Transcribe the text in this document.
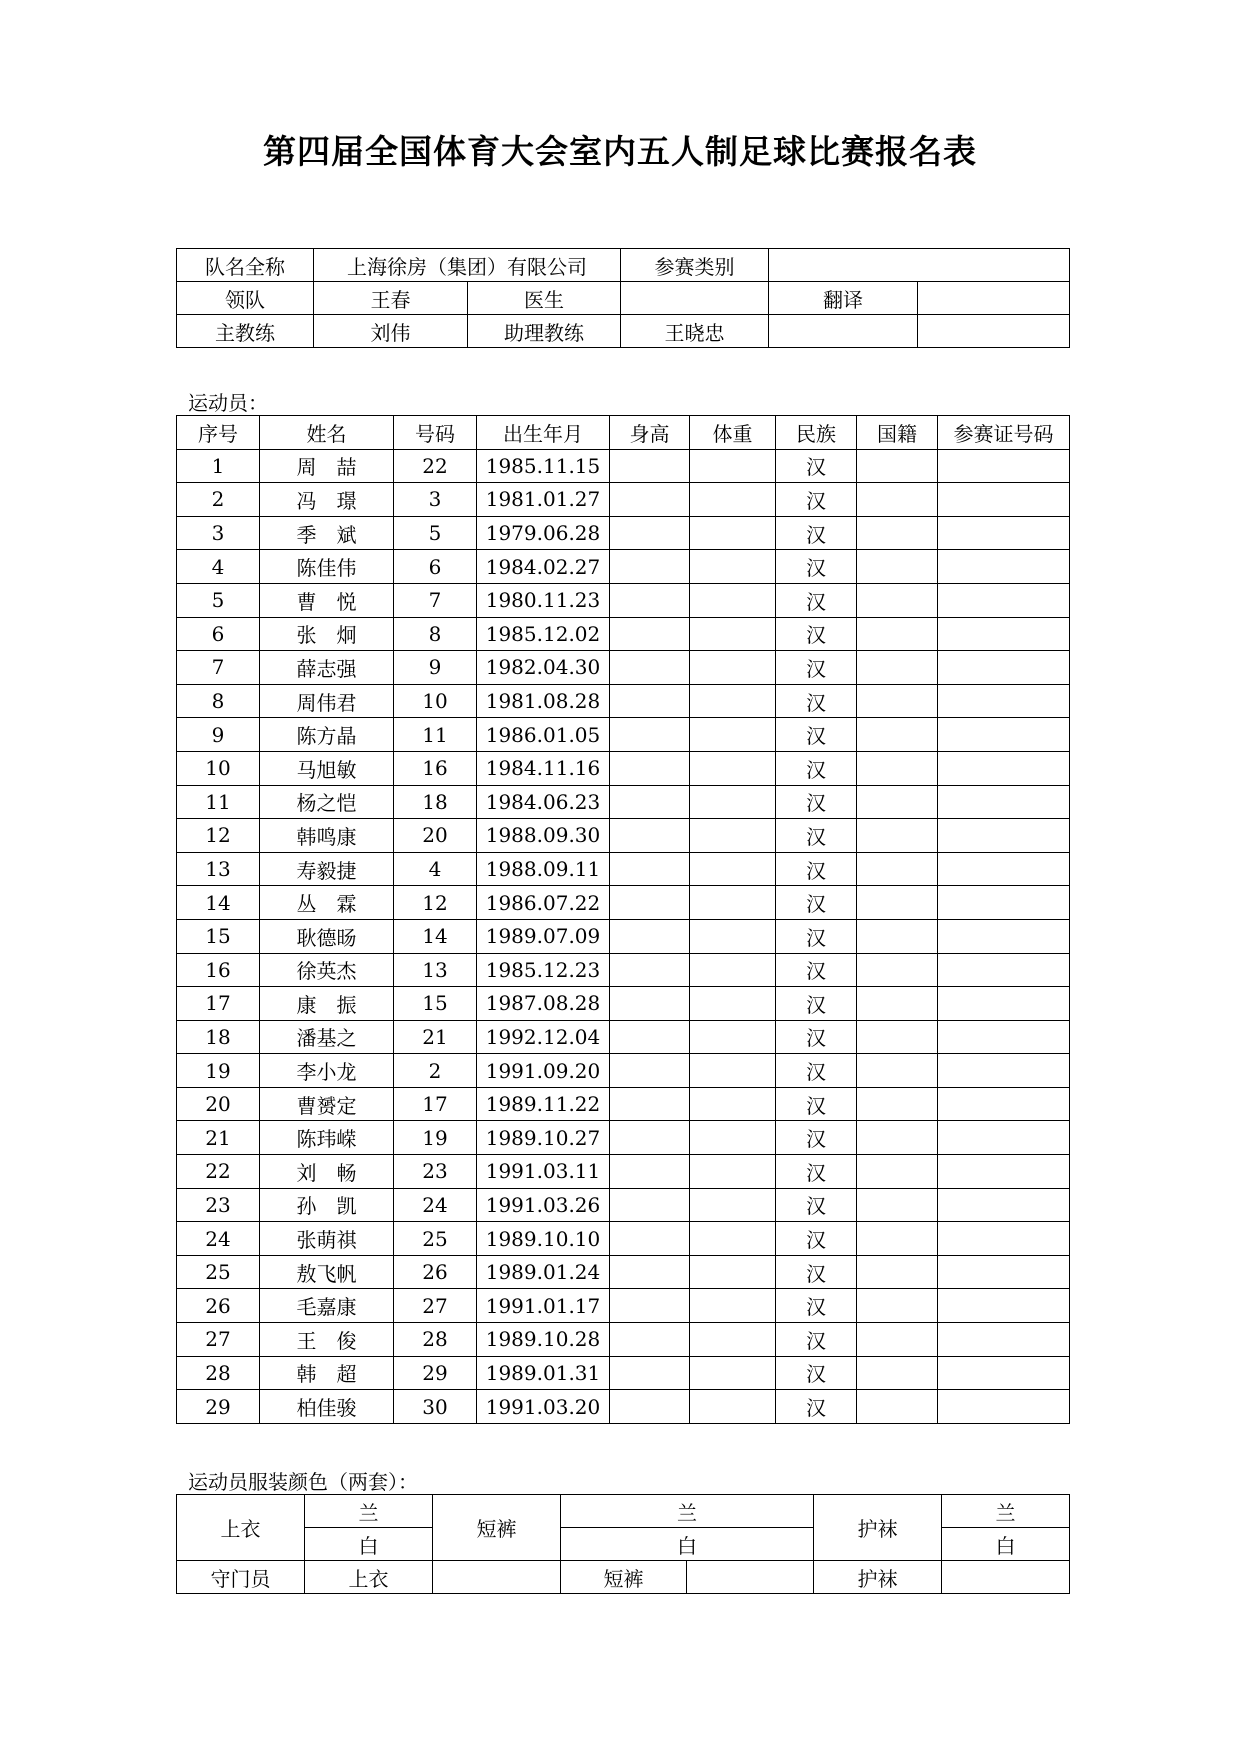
第四届全国体育大会室内五人制足球比赛报名表
队名全称	上海徐房（集团）有限公司		参赛类别		
领队	王春	医生		翻译	
主教练	刘伟	助理教练	王晓忠		
运动员：
序号	姓名	号码	出生年月	身高	体重	民族	国籍	参赛证号码
1	周　喆	22	1985.11.15			汉		
2	冯　璟	3	1981.01.27			汉		
3	季　斌	5	1979.06.28			汉		
4	陈佳伟	6	1984.02.27			汉		
5	曹　悦	7	1980.11.23			汉		
6	张　炯	8	1985.12.02			汉		
7	薛志强	9	1982.04.30			汉		
8	周伟君	10	1981.08.28			汉		
9	陈方晶	11	1986.01.05			汉		
10	马旭敏	16	1984.11.16			汉		
11	杨之恺	18	1984.06.23			汉		
12	韩鸣康	20	1988.09.30			汉		
13	寿毅捷	4	1988.09.11			汉		
14	丛　霖	12	1986.07.22			汉		
15	耿德旸	14	1989.07.09			汉		
16	徐英杰	13	1985.12.23			汉		
17	康　振	15	1987.08.28			汉		
18	潘基之	21	1992.12.04			汉		
19	李小龙	2	1991.09.20			汉		
20	曹赟定	17	1989.11.22			汉		
21	陈玮嵘	19	1989.10.27			汉		
22	刘　畅	23	1991.03.11			汉		
23	孙　凯	24	1991.03.26			汉		
24	张萌祺	25	1989.10.10			汉		
25	敖飞帆	26	1989.01.24			汉		
26	毛嘉康	27	1991.01.17			汉		
27	王　俊	28	1989.10.28			汉		
28	韩　超	29	1989.01.31			汉		
29	柏佳骏	30	1991.03.20			汉		
运动员服装颜色（两套）：
上衣	兰	短裤	兰		护袜	兰
	白		白			白
守门员	上衣		短裤		护袜	
